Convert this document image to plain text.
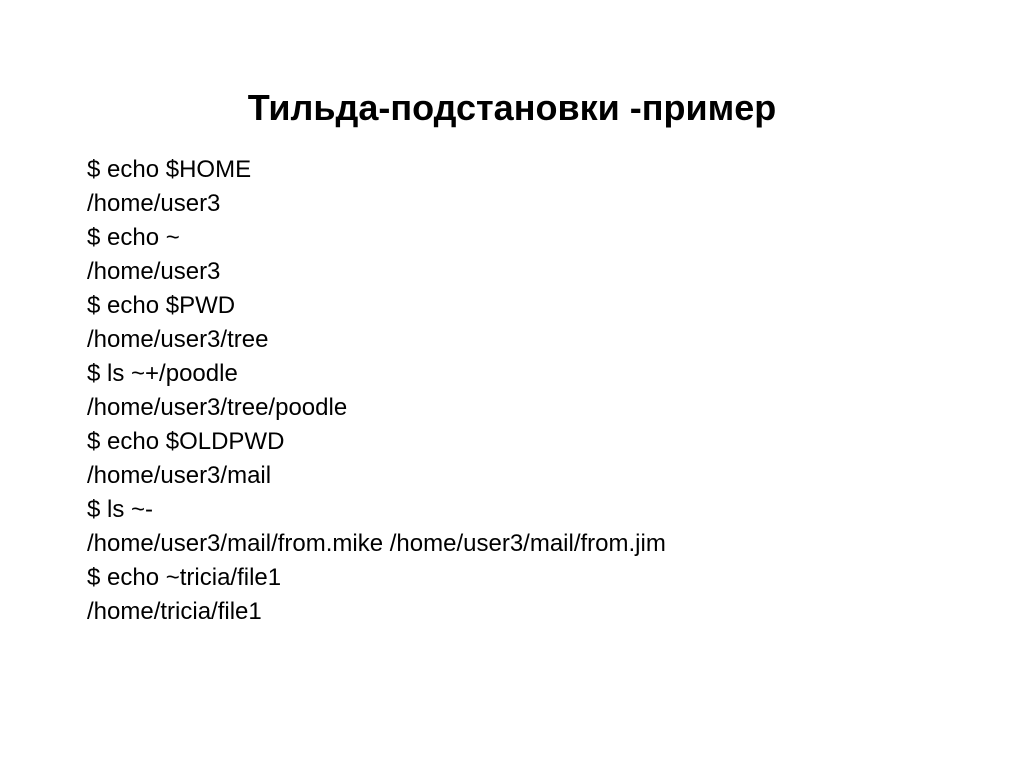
Тильда-подстановки -пример
$ echo $HOME
/home/user3
$ echo ~
/home/user3
$ echo $PWD
/home/user3/tree
$ ls ~+/poodle
/home/user3/tree/poodle
$ echo $OLDPWD
/home/user3/mail
$ ls ~-
/home/user3/mail/from.mike /home/user3/mail/from.jim
$ echo ~tricia/file1
/home/tricia/file1
